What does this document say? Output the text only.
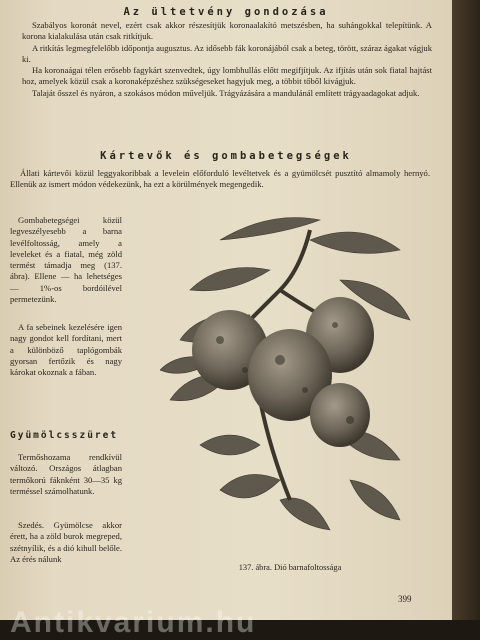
Az ültetvény gondozása

Szabályos koronát nevel, ezért csak akkor részesítjük koronaalakító metszésben, ha suhángokkal telepítünk. A korona kialakulása után csak ritkítjuk.

A ritkítás legmegfelelőbb időpontja augusztus. Az idősebb fák koronájából csak a beteg, törött, száraz ágakat vágjuk ki.

Ha koronaágai télen erősebb fagykárt szenvedtek, úgy lombhullás előtt megifjítjuk. Az ifjítás után sok fiatal hajtást hoz, amelyek közül csak a koronaképzéshez szükségeseket hagyjuk meg, a többit tőből kivágjuk.

Talaját ősszel és nyáron, a szokásos módon műveljük. Trágyázására a mandulánál említett trágyaadagokat adjuk.

Kártevők és gombabetegségek

Állati kártevői közül leggyakoribbak a levelein előforduló levéltetvek és a gyümölcsét pusztító almamoly hernyó. Ellenük az ismert módon védekezünk, ha ezt a körülmények megengedik.

Gombabetegségei közül legveszélyesebb a barna levélfoltosság, amely a leveleket és a fiatal, még zöld termést támadja meg (137. ábra). Ellene — ha lehetséges — 1%-os bordóilével permetezünk.

A fa sebeinek kezelésére igen nagy gondot kell fordítani, mert a különböző taplógombák gyorsan fertőzik és nagy károkat okoznak a fában.

Gyümölcsszüret

Termőshozama rendkívül változó. Országos átlagban termőkorú fáknként 30—35 kg terméssel számolhatunk.

Szedés. Gyümölcse akkor érett, ha a zöld burok megreped, szétnyílik, és a dió kihull belőle. Az érés nálunk

137. ábra. Dió barnafoltossága
399
Antikvarium.hu
